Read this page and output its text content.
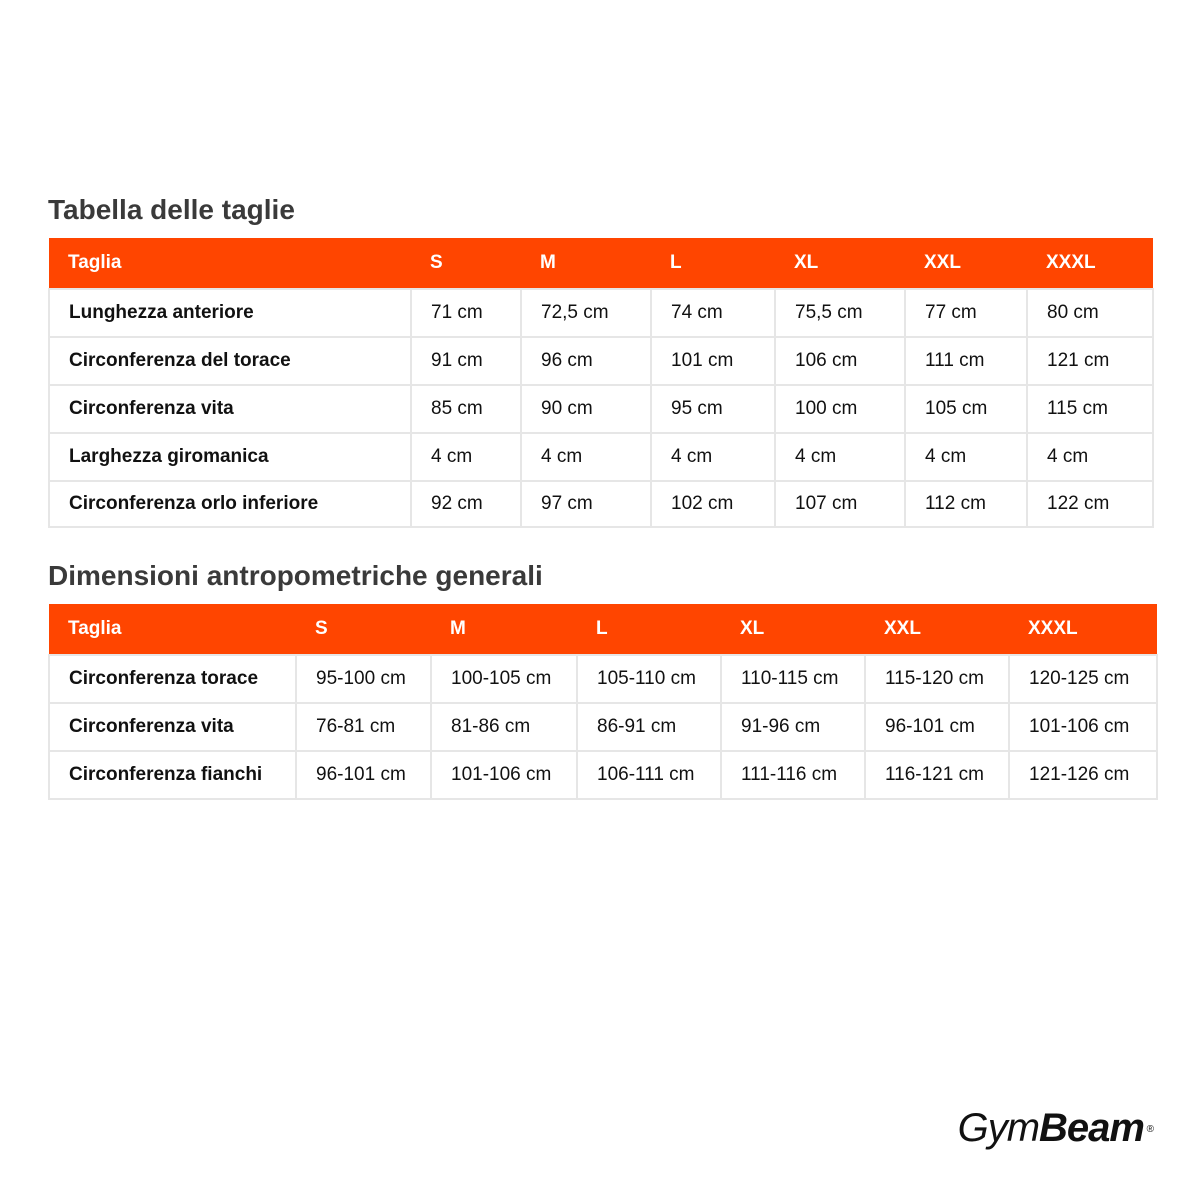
Tabella delle taglie
Taglia	S	M	L	XL	XXL	XXXL
Lunghezza anteriore	71 cm	72,5 cm	74 cm	75,5 cm	77 cm	80 cm
Circonferenza del torace	91 cm	96 cm	101 cm	106 cm	111 cm	121 cm
Circonferenza vita	85 cm	90 cm	95 cm	100 cm	105 cm	115 cm
Larghezza giromanica	4 cm	4 cm	4 cm	4 cm	4 cm	4 cm
Circonferenza orlo inferiore	92 cm	97 cm	102 cm	107 cm	112 cm	122 cm
Dimensioni antropometriche generali
Taglia	S	M	L	XL	XXL	XXXL
Circonferenza torace	95-100 cm	100-105 cm	105-110 cm	110-115 cm	115-120 cm	120-125 cm
Circonferenza vita	76-81 cm	81-86 cm	86-91 cm	91-96 cm	96-101 cm	101-106 cm
Circonferenza fianchi	96-101 cm	101-106 cm	106-111 cm	111-116 cm	116-121 cm	121-126 cm
GymBeam ®
